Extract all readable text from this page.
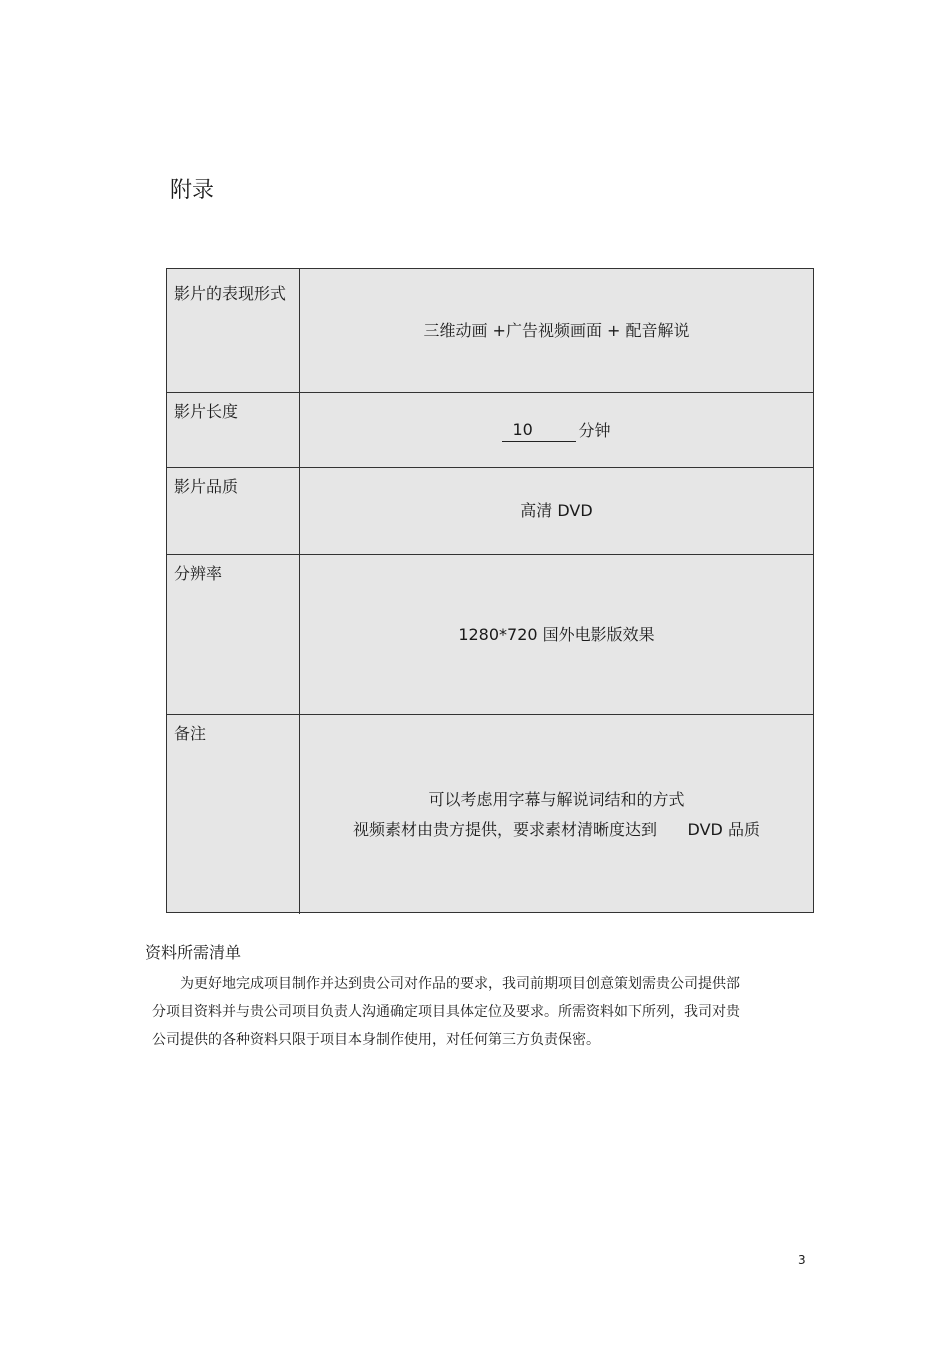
附录
影片的表现形式
三维动画 +广告视频画面 + 配音解说
影片长度
10	分钟
影片品质
高清 DVD
分辨率
1280*720 国外电影版效果
备注
可以考虑用字幕与解说词结和的方式
视频素材由贵方提供，要求素材清晰度达到      DVD 品质
资料所需清单

为更好地完成项目制作并达到贵公司对作品的要求，我司前期项目创意策划需贵公司提供部分项目资料并与贵公司项目负责人沟通确定项目具体定位及要求。所需资料如下所列，我司对贵公司提供的各种资料只限于项目本身制作使用，对任何第三方负责保密。

3
